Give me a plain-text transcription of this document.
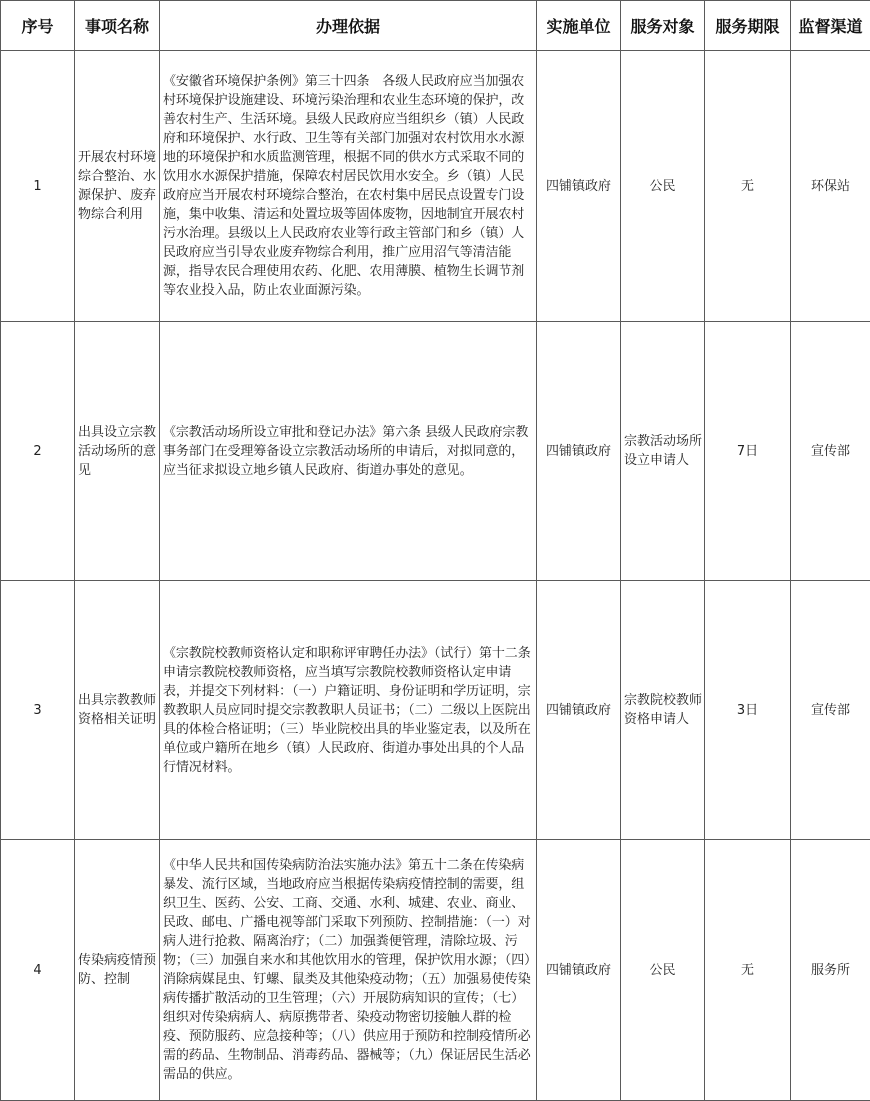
序号	事项名称	办理依据	实施单位	服务对象	服务期限	监督渠道
1	开展农村环境综合整治、水源保护、废弃物综合利用	《安徽省环境保护条例》第三十四条　各级人民政府应当加强农村环境保护设施建设、环境污染治理和农业生态环境的保护，改善农村生产、生活环境。县级人民政府应当组织乡（镇）人民政府和环境保护、水行政、卫生等有关部门加强对农村饮用水水源地的环境保护和水质监测管理，根据不同的供水方式采取不同的饮用水水源保护措施，保障农村居民饮用水安全。乡（镇）人民政府应当开展农村环境综合整治，在农村集中居民点设置专门设施，集中收集、清运和处置垃圾等固体废物，因地制宜开展农村污水治理。县级以上人民政府农业等行政主管部门和乡（镇）人民政府应当引导农业废弃物综合利用，推广应用沼气等清洁能源，指导农民合理使用农药、化肥、农用薄膜、植物生长调节剂等农业投入品，防止农业面源污染。	四铺镇政府	公民	无	环保站
2	出具设立宗教活动场所的意见	《宗教活动场所设立审批和登记办法》第六条 县级人民政府宗教事务部门在受理筹备设立宗教活动场所的申请后，对拟同意的，应当征求拟设立地乡镇人民政府、街道办事处的意见。	四铺镇政府	宗教活动场所设立申请人	7日	宣传部
3	出具宗教教师资格相关证明	《宗教院校教师资格认定和职称评审聘任办法》（试行）第十二条 申请宗教院校教师资格，应当填写宗教院校教师资格认定申请表，并提交下列材料：（一）户籍证明、身份证明和学历证明，宗教教职人员应同时提交宗教教职人员证书；（二）二级以上医院出具的体检合格证明；（三）毕业院校出具的毕业鉴定表，以及所在单位或户籍所在地乡（镇）人民政府、街道办事处出具的个人品行情况材料。	四铺镇政府	宗教院校教师资格申请人	3日	宣传部
4	传染病疫情预防、控制	《中华人民共和国传染病防治法实施办法》第五十二条在传染病暴发、流行区域，当地政府应当根据传染病疫情控制的需要，组织卫生、医药、公安、工商、交通、水利、城建、农业、商业、民政、邮电、广播电视等部门采取下列预防、控制措施：（一）对病人进行抢救、隔离治疗；（二）加强粪便管理，清除垃圾、污物；（三）加强自来水和其他饮用水的管理，保护饮用水源；（四）消除病媒昆虫、钉螺、鼠类及其他染疫动物；（五）加强易使传染病传播扩散活动的卫生管理；（六）开展防病知识的宣传；（七）组织对传染病病人、病原携带者、染疫动物密切接触人群的检疫、预防服药、应急接种等；（八）供应用于预防和控制疫情所必需的药品、生物制品、消毒药品、器械等；（九）保证居民生活必需品的供应。	四铺镇政府	公民	无	服务所
